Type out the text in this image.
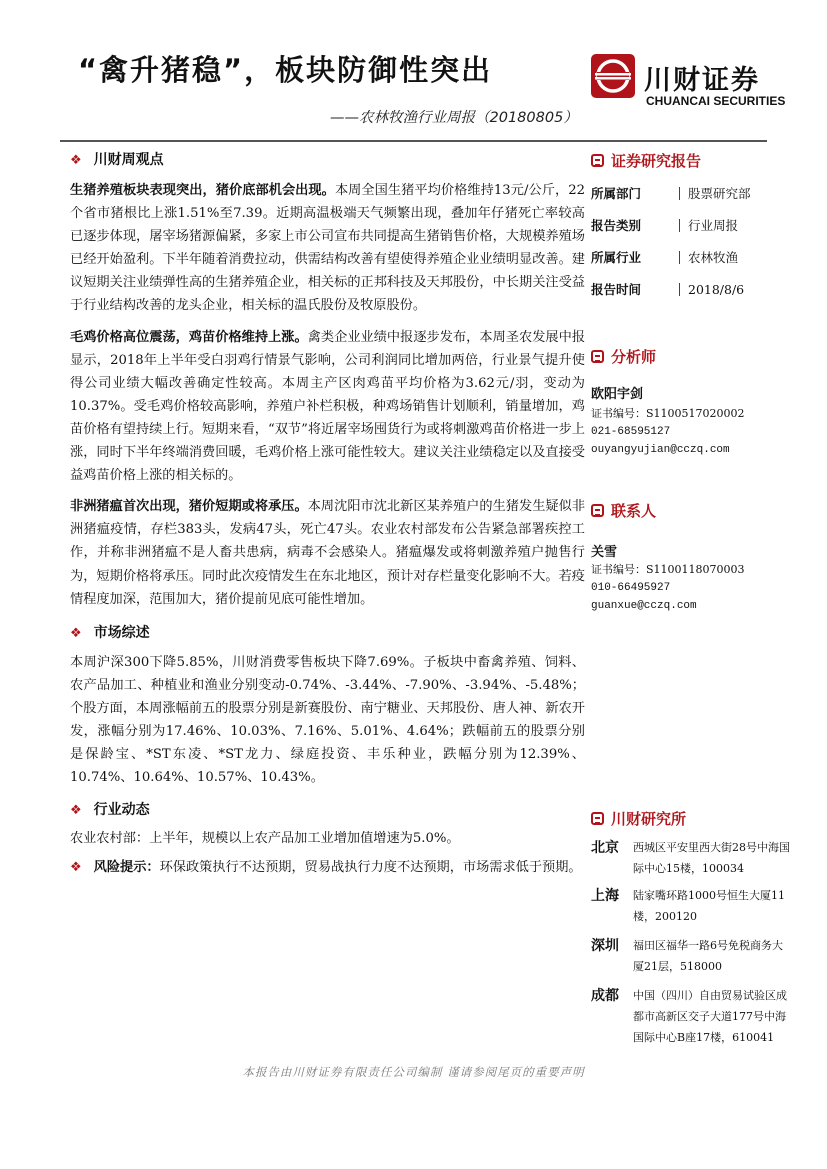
“禽升猪稳”，板块防御性突出
——农林牧渔行业周报（20180805）
川财证券
CHUANCAI SECURITIES
❖ 川财周观点

生猪养殖板块表现突出，猪价底部机会出现。本周全国生猪平均价格维持13元/公斤，22个省市猪根比上涨1.51%至7.39。近期高温极端天气频繁出现，叠加年仔猪死亡率较高已逐步体现，屠宰场猪源偏紧，多家上市公司宣布共同提高生猪销售价格，大规模养殖场已经开始盈利。下半年随着消费拉动，供需结构改善有望使得养殖企业业绩明显改善。建议短期关注业绩弹性高的生猪养殖企业，相关标的正邦科技及天邦股份，中长期关注受益于行业结构改善的龙头企业，相关标的温氏股份及牧原股份。

毛鸡价格高位震荡，鸡苗价格维持上涨。禽类企业业绩中报逐步发布，本周圣农发展中报显示，2018年上半年受白羽鸡行情景气影响，公司利润同比增加两倍，行业景气提升使得公司业绩大幅改善确定性较高。本周主产区肉鸡苗平均价格为3.62元/羽，变动为10.37%。受毛鸡价格较高影响，养殖户补栏积极，种鸡场销售计划顺利，销量增加，鸡苗价格有望持续上行。短期来看，“双节”将近屠宰场囤货行为或将刺激鸡苗价格进一步上涨，同时下半年终端消费回暖，毛鸡价格上涨可能性较大。建议关注业绩稳定以及直接受益鸡苗价格上涨的相关标的。

非洲猪瘟首次出现，猪价短期或将承压。本周沈阳市沈北新区某养殖户的生猪发生疑似非洲猪瘟疫情，存栏383头，发病47头，死亡47头。农业农村部发布公告紧急部署疾控工作，并称非洲猪瘟不是人畜共患病，病毒不会感染人。猪瘟爆发或将刺激养殖户抛售行为，短期价格将承压。同时此次疫情发生在东北地区，预计对存栏量变化影响不大。若疫情程度加深，范围加大，猪价提前见底可能性增加。

❖ 市场综述

本周沪深300下降5.85%，川财消费零售板块下降7.69%。子板块中畜禽养殖、饲料、农产品加工、种植业和渔业分别变动-0.74%、-3.44%、-7.90%、-3.94%、-5.48%；个股方面，本周涨幅前五的股票分别是新赛股份、南宁糖业、天邦股份、唐人神、新农开发，涨幅分别为17.46%、10.03%、7.16%、5.01%、4.64%；跌幅前五的股票分别是保龄宝、*ST东凌、*ST龙力、绿庭投资、丰乐种业，跌幅分别为12.39%、10.74%、10.64%、10.57%、10.43%。

❖ 行业动态

农业农村部：上半年，规模以上农产品加工业增加值增速为5.0%。

❖ 风险提示：环保政策执行不达预期，贸易战执行力度不达预期，市场需求低于预期。

证券研究报告
所属部门	股票研究部
报告类别	行业周报
所属行业	农林牧渔
报告时间	2018/8/6
分析师
欧阳宇剑
证书编号：S1100517020002
021-68595127
ouyangyujian@cczq.com
联系人
关雪
证书编号：S1100118070003
010-66495927
guanxue@cczq.com
川财研究所
北京	西城区平安里西大街28号中海国际中心15楼，100034
上海	陆家嘴环路1000号恒生大厦11楼，200120
深圳	福田区福华一路6号免税商务大厦21层，518000
成都	中国（四川）自由贸易试验区成都市高新区交子大道177号中海国际中心B座17楼，610041
本报告由川财证券有限责任公司编制 谨请参阅尾页的重要声明
